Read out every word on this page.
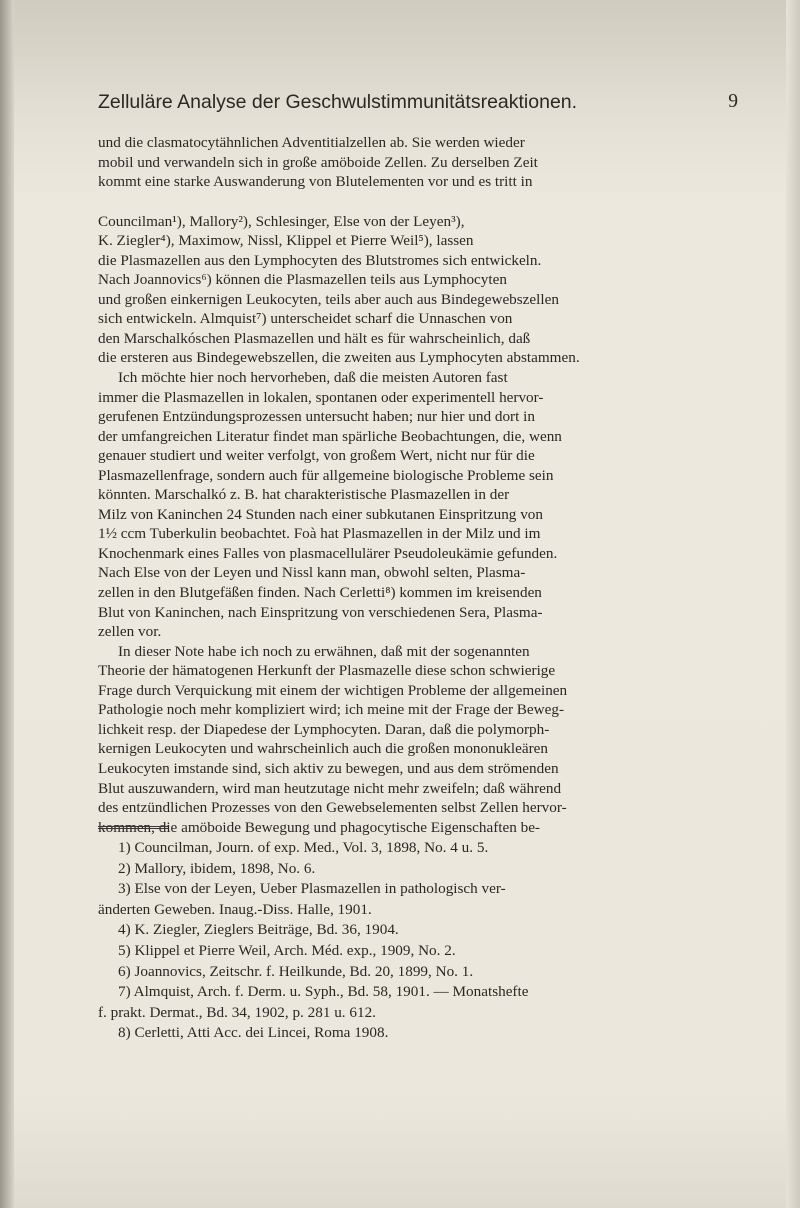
Zelluläre Analyse der Geschwulstimmunitätsreaktionen.	9
und die clasmatocytähnlichen Adventitialzellen ab. Sie werden wieder
mobil und verwandeln sich in große amöboide Zellen. Zu derselben Zeit
kommt eine starke Auswanderung von Blutelementen vor und es tritt in
Councilman¹), Mallory²), Schlesinger, Else von der Leyen³),
K. Ziegler⁴), Maximow, Nissl, Klippel et Pierre Weil⁵), lassen
die Plasmazellen aus den Lymphocyten des Blutstromes sich entwickeln.
Nach Joannovics⁶) können die Plasmazellen teils aus Lymphocyten
und großen einkernigen Leukocyten, teils aber auch aus Bindegewebszellen
sich entwickeln. Almquist⁷) unterscheidet scharf die Unnaschen von
den Marschalkóschen Plasmazellen und hält es für wahrscheinlich, daß
die ersteren aus Bindegewebszellen, die zweiten aus Lymphocyten abstammen.
Ich möchte hier noch hervorheben, daß die meisten Autoren fast
immer die Plasmazellen in lokalen, spontanen oder experimentell hervor-
gerufenen Entzündungsprozessen untersucht haben; nur hier und dort in
der umfangreichen Literatur findet man spärliche Beobachtungen, die, wenn
genauer studiert und weiter verfolgt, von großem Wert, nicht nur für die
Plasmazellenfrage, sondern auch für allgemeine biologische Probleme sein
könnten. Marschalkó z. B. hat charakteristische Plasmazellen in der
Milz von Kaninchen 24 Stunden nach einer subkutanen Einspritzung von
1½ ccm Tuberkulin beobachtet. Foà hat Plasmazellen in der Milz und im
Knochenmark eines Falles von plasmacellulärer Pseudoleukämie gefunden.
Nach Else von der Leyen und Nissl kann man, obwohl selten, Plasma-
zellen in den Blutgefäßen finden. Nach Cerletti⁸) kommen im kreisenden
Blut von Kaninchen, nach Einspritzung von verschiedenen Sera, Plasma-
zellen vor.
In dieser Note habe ich noch zu erwähnen, daß mit der sogenannten
Theorie der hämatogenen Herkunft der Plasmazelle diese schon schwierige
Frage durch Verquickung mit einem der wichtigen Probleme der allgemeinen
Pathologie noch mehr kompliziert wird; ich meine mit der Frage der Beweg-
lichkeit resp. der Diapedese der Lymphocyten. Daran, daß die polymorph-
kernigen Leukocyten und wahrscheinlich auch die großen mononukleären
Leukocyten imstande sind, sich aktiv zu bewegen, und aus dem strömenden
Blut auszuwandern, wird man heutzutage nicht mehr zweifeln; daß während
des entzündlichen Prozesses von den Gewebselementen selbst Zellen hervor-
kommen, die amöboide Bewegung und phagocytische Eigenschaften be-
1) Councilman, Journ. of exp. Med., Vol. 3, 1898, No. 4 u. 5.
2) Mallory, ibidem, 1898, No. 6.
3) Else von der Leyen, Ueber Plasmazellen in pathologisch ver-
änderten Geweben. Inaug.-Diss. Halle, 1901.
4) K. Ziegler, Zieglers Beiträge, Bd. 36, 1904.
5) Klippel et Pierre Weil, Arch. Méd. exp., 1909, No. 2.
6) Joannovics, Zeitschr. f. Heilkunde, Bd. 20, 1899, No. 1.
7) Almquist, Arch. f. Derm. u. Syph., Bd. 58, 1901. — Monatshefte
f. prakt. Dermat., Bd. 34, 1902, p. 281 u. 612.
8) Cerletti, Atti Acc. dei Lincei, Roma 1908.
